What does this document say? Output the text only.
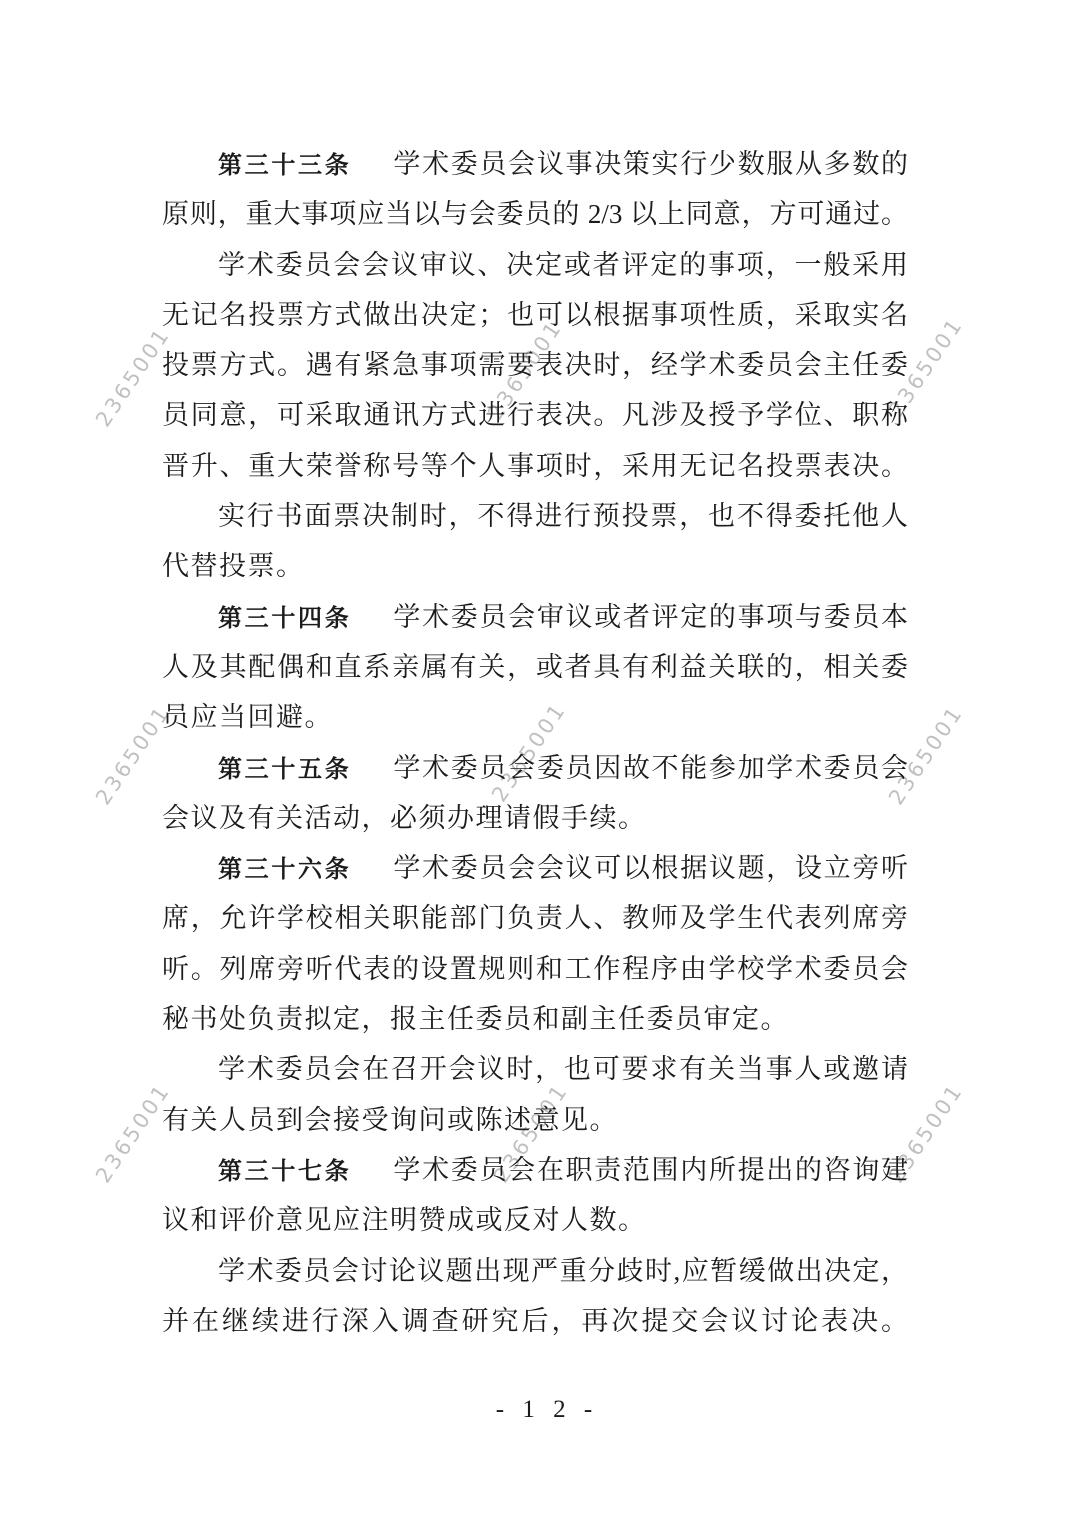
2365001	2365001	2365001
2365001	2365001	2365001
2365001	2365001	2365001
第三十三条 学术委员会议事决策实行少数服从多数的
原则，重大事项应当以与会委员的 2/3 以上同意，方可通过。
学术委员会会议审议、决定或者评定的事项，一般采用
无记名投票方式做出决定；也可以根据事项性质，采取实名
投票方式。遇有紧急事项需要表决时，经学术委员会主任委
员同意，可采取通讯方式进行表决。凡涉及授予学位、职称
晋升、重大荣誉称号等个人事项时，采用无记名投票表决。
实行书面票决制时，不得进行预投票，也不得委托他人
代替投票。
第三十四条 学术委员会审议或者评定的事项与委员本
人及其配偶和直系亲属有关，或者具有利益关联的，相关委
员应当回避。
第三十五条 学术委员会委员因故不能参加学术委员会
会议及有关活动，必须办理请假手续。
第三十六条 学术委员会会议可以根据议题，设立旁听
席，允许学校相关职能部门负责人、教师及学生代表列席旁
听。列席旁听代表的设置规则和工作程序由学校学术委员会
秘书处负责拟定，报主任委员和副主任委员审定。
学术委员会在召开会议时，也可要求有关当事人或邀请
有关人员到会接受询问或陈述意见。
第三十七条 学术委员会在职责范围内所提出的咨询建
议和评价意见应注明赞成或反对人数。
学术委员会讨论议题出现严重分歧时,应暂缓做出决定，
并在继续进行深入调查研究后，再次提交会议讨论表决。
- 1 2 -
